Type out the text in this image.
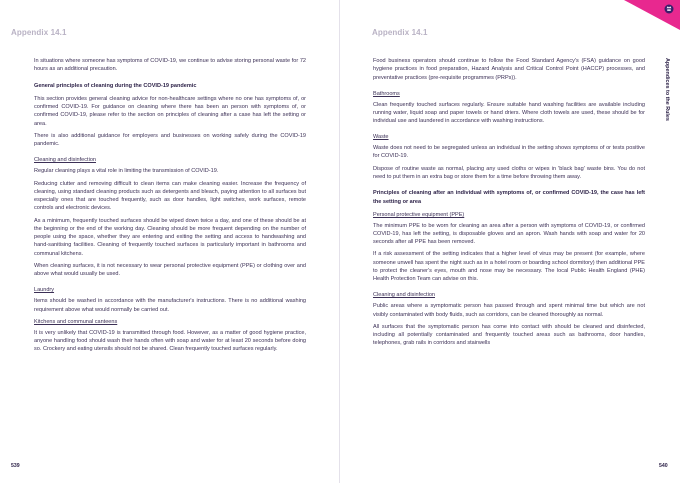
Appendix 14.1

In situations where someone has symptoms of COVID-19, we continue to advise storing personal waste for 72 hours as an additional precaution.

General principles of cleaning during the COVID-19 pandemic

This section provides general cleaning advice for non-healthcare settings where no one has symptoms of, or confirmed COVID-19. For guidance on cleaning where there has been an person with symptoms of, or confirmed COVID-19, please refer to the section on principles of cleaning after a case has left the setting or area.

There is also additional guidance for employers and businesses on working safely during the COVID-19 pandemic.

Cleaning and disinfection

Regular cleaning plays a vital role in limiting the transmission of COVID-19.

Reducing clutter and removing difficult to clean items can make cleaning easier. Increase the frequency of cleaning, using standard cleaning products such as detergents and bleach, paying attention to all surfaces but especially ones that are touched frequently, such as door handles, light switches, work surfaces, remote controls and electronic devices.

As a minimum, frequently touched surfaces should be wiped down twice a day, and one of these should be at the beginning or the end of the working day. Cleaning should be more frequent depending on the number of people using the space, whether they are entering and exiting the setting and access to handwashing and hand-sanitising facilities. Cleaning of frequently touched surfaces is particularly important in bathrooms and communal kitchens.

When cleaning surfaces, it is not necessary to wear personal protective equipment (PPE) or clothing over and above what would usually be used.

Laundry

Items should be washed in accordance with the manufacturer's instructions. There is no additional washing requirement above what would normally be carried out.

Kitchens and communal canteens

It is very unlikely that COVID-19 is transmitted through food. However, as a matter of good hygiene practice, anyone handling food should wash their hands often with soap and water for at least 20 seconds before doing so. Crockery and eating utensils should not be shared. Clean frequently touched surfaces regularly.

539
Appendix 14.1

Food business operators should continue to follow the Food Standard Agency's (FSA) guidance on good hygiene practices in food preparation, Hazard Analysis and Critical Control Point (HACCP) processes, and preventative practices (pre-requisite programmes (PRPs)).

Bathrooms

Clean frequently touched surfaces regularly. Ensure suitable hand washing facilities are available including running water, liquid soap and paper towels or hand driers. Where cloth towels are used, these should be for individual use and laundered in accordance with washing instructions.

Waste

Waste does not need to be segregated unless an individual in the setting shows symptoms of or tests positive for COVID-19.

Dispose of routine waste as normal, placing any used cloths or wipes in 'black bag' waste bins. You do not need to put them in an extra bag or store them for a time before throwing them away.

Principles of cleaning after an individual with symptoms of, or confirmed COVID-19, the case has left the setting or area

Personal protective equipment (PPE)

The minimum PPE to be worn for cleaning an area after a person with symptoms of COVID-19, or confirmed COVID-19, has left the setting, is disposable gloves and an apron. Wash hands with soap and water for 20 seconds after all PPE has been removed.

If a risk assessment of the setting indicates that a higher level of virus may be present (for example, where someone unwell has spent the night such as in a hotel room or boarding school dormitory) then additional PPE to protect the cleaner's eyes, mouth and nose may be necessary. The local Public Health England (PHE) Health Protection Team can advise on this.

Cleaning and disinfection

Public areas where a symptomatic person has passed through and spent minimal time but which are not visibly contaminated with body fluids, such as corridors, can be cleaned thoroughly as normal.

All surfaces that the symptomatic person has come into contact with should be cleaned and disinfected, including all potentially contaminated and frequently touched areas such as bathrooms, door handles, telephones, grab rails in corridors and stairwells

Appendices to the Rules
540
